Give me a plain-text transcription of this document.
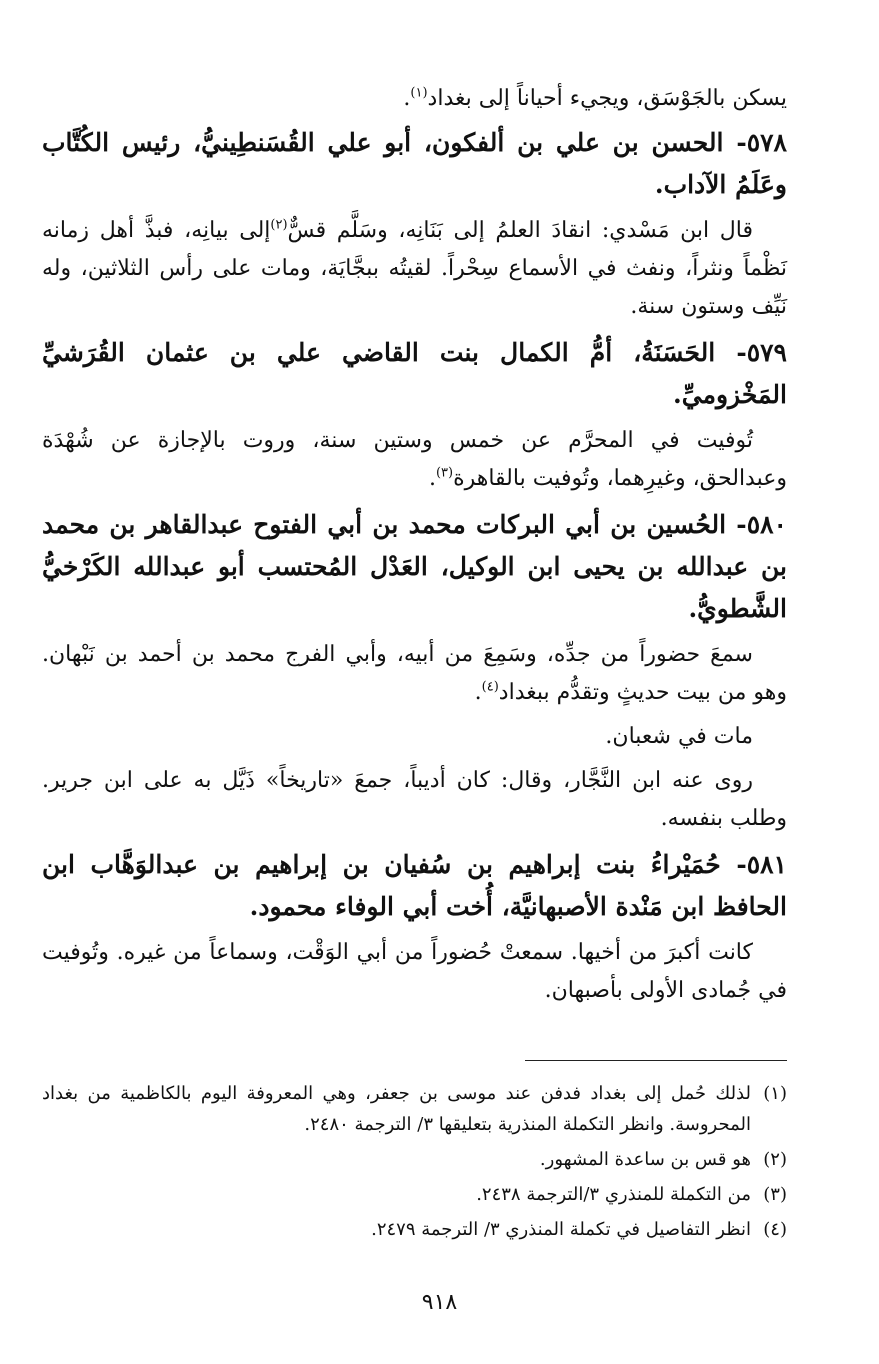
يسكن بالجَوْسَق، ويجيء أحياناً إلى بغداد$^{(١)}$.

٥٧٨- الحسن بن علي بن ألفكون، أبو علي القُسَنطِينيُّ، رئيس الكُتَّاب وعَلَمُ الآداب.

قال ابن مَسْدي: انقادَ العلمُ إلى بَنَانِه، وسَلَّم قسٌّ$^{(٢)}$إلى بيانِه، فبذَّ أهل زمانه نَظْماً ونثراً، ونفث في الأسماع سِحْراً. لقيتُه ببجَّايَة، ومات على رأس الثلاثين، وله نَيِّف وستون سنة.

٥٧٩- الحَسَنَةُ، أمُّ الكمال بنت القاضي علي بن عثمان القُرَشيِّ المَخْزوميِّ.

تُوفيت في المحرَّم عن خمس وستين سنة، وروت بالإجازة عن شُهْدَة وعبدالحق، وغيرِهما، وتُوفيت بالقاهرة$^{(٣)}$.

٥٨٠- الحُسين بن أبي البركات محمد بن أبي الفتوح عبدالقاهر بن محمد بن عبدالله بن يحيى ابن الوكيل، العَدْل المُحتسب أبو عبدالله الكَرْخيُّ الشَّطويُّ.

سمعَ حضوراً من جدِّه، وسَمِعَ من أبيه، وأبي الفرج محمد بن أحمد بن نَبْهان. وهو من بيت حديثٍ وتقدُّم ببغداد$^{(٤)}$.

مات في شعبان.

روى عنه ابن النَّجَّار، وقال: كان أديباً، جمعَ «تاريخاً» ذَيَّل به على ابن جرير. وطلب بنفسه.

٥٨١- حُمَيْراءُ بنت إبراهيم بن سُفيان بن إبراهيم بن عبدالوَهَّاب ابن الحافظ ابن مَنْدة الأصبهانيَّة، أُخت أبي الوفاء محمود.

كانت أكبرَ من أخيها. سمعتْ حُضوراً من أبي الوَقْت، وسماعاً من غيره. وتُوفيت في جُمادى الأولى بأصبهان.

(١)
لذلك حُمل إلى بغداد فدفن عند موسى بن جعفر، وهي المعروفة اليوم بالكاظمية من بغداد المحروسة. وانظر التكملة المنذرية بتعليقها ٣/ الترجمة ٢٤٨٠.
(٢)
هو قس بن ساعدة المشهور.
(٣)
من التكملة للمنذري ٣/الترجمة ٢٤٣٨.
(٤)
انظر التفاصيل في تكملة المنذري ٣/ الترجمة ٢٤٧٩.
٩١٨
